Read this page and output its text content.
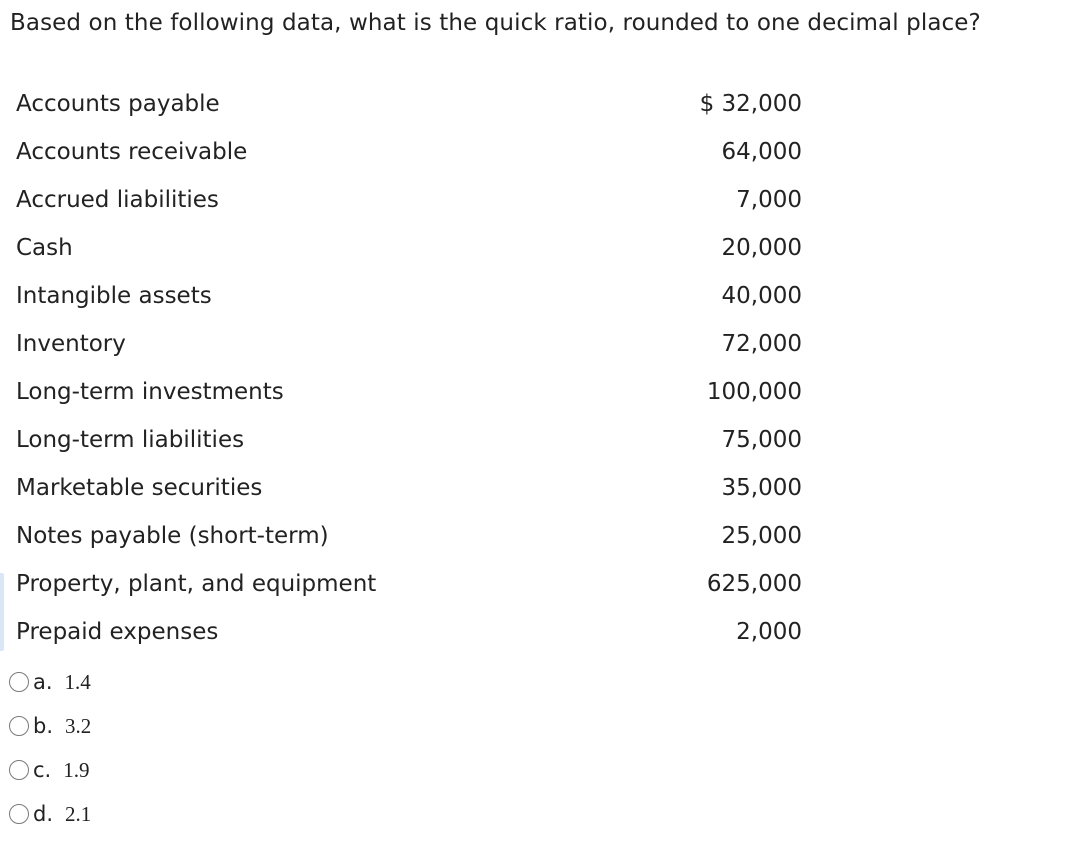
Based on the following data, what is the quick ratio, rounded to one decimal place?
Accounts payable	$ 32,000
Accounts receivable	64,000
Accrued liabilities	7,000
Cash	20,000
Intangible assets	40,000
Inventory	72,000
Long-term investments	100,000
Long-term liabilities	75,000
Marketable securities	35,000
Notes payable (short-term)	25,000
Property, plant, and equipment	625,000
Prepaid expenses	2,000
a. 1.4
b. 3.2
c. 1.9
d. 2.1
